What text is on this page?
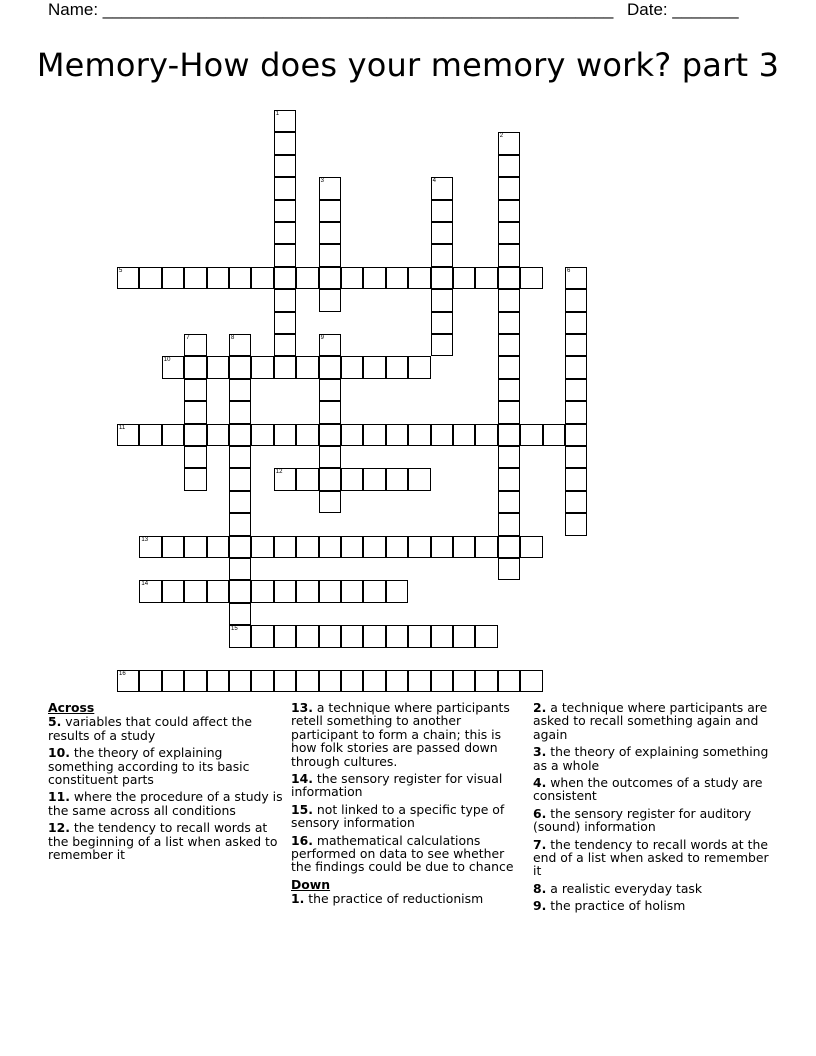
Name: ______________________________________________________ Date: _______
Memory-How does your memory work? part 3
1
2
3	4
5	6
7	8
15
9
10
11
12
13
14
16
Across
5. variables that could affect the results of a study
10. the theory of explaining something according to its basic constituent parts
11. where the procedure of a study is the same across all conditions
12. the tendency to recall words at the beginning of a list when asked to remember it
13. a technique where participants retell something to another participant to form a chain; this is how folk stories are passed down through cultures.
14. the sensory register for visual information
15. not linked to a specific type of sensory information
16. mathematical calculations performed on data to see whether the findings could be due to chance
Down
1. the practice of reductionism
2. a technique where participants are asked to recall something again and again
3. the theory of explaining something as a whole
4. when the outcomes of a study are consistent
6. the sensory register for auditory (sound) information
7. the tendency to recall words at the end of a list when asked to remember it
8. a realistic everyday task
9. the practice of holism
